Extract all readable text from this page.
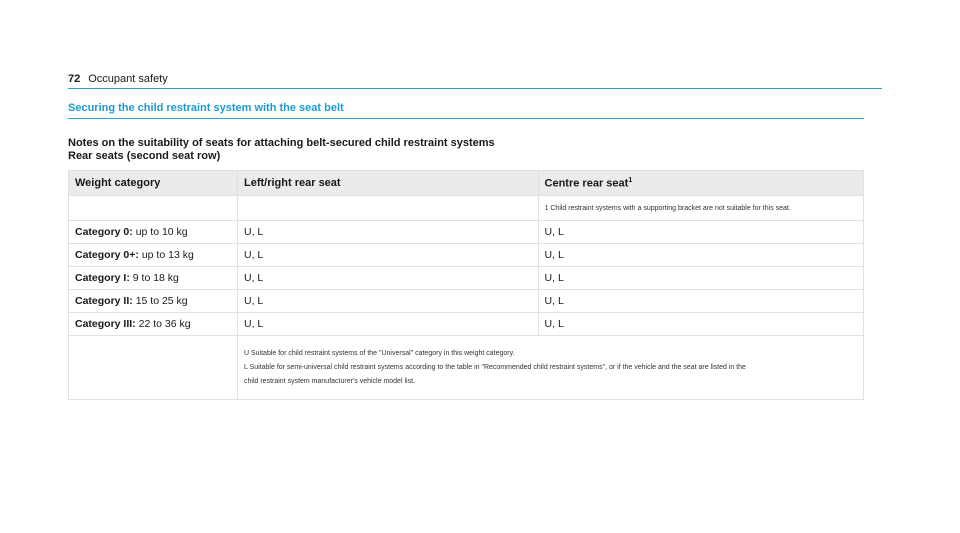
72 Occupant safety
Securing the child restraint system with the seat belt
Notes on the suitability of seats for attaching belt-secured child restraint systems
Rear seats (second seat row)
Weight category	Left/right rear seat	Centre rear seat$^1$
		1 Child restraint systems with a supporting bracket are not suitable for this seat.
Category 0: up to 10 kg	U, L	U, L
Category 0+: up to 13 kg	U, L	U, L
Category I: 9 to 18 kg	U, L	U, L
Category II: 15 to 25 kg	U, L	U, L
Category III: 22 to 36 kg	U, L	U, L

	U Suitable for child restraint systems of the "Universal" category in this weight category.
L Suitable for semi-universal child restraint systems according to the table in "Recommended child restraint systems", or if the vehicle and the seat are listed in the
child restraint system manufacturer's vehicle model list.	
